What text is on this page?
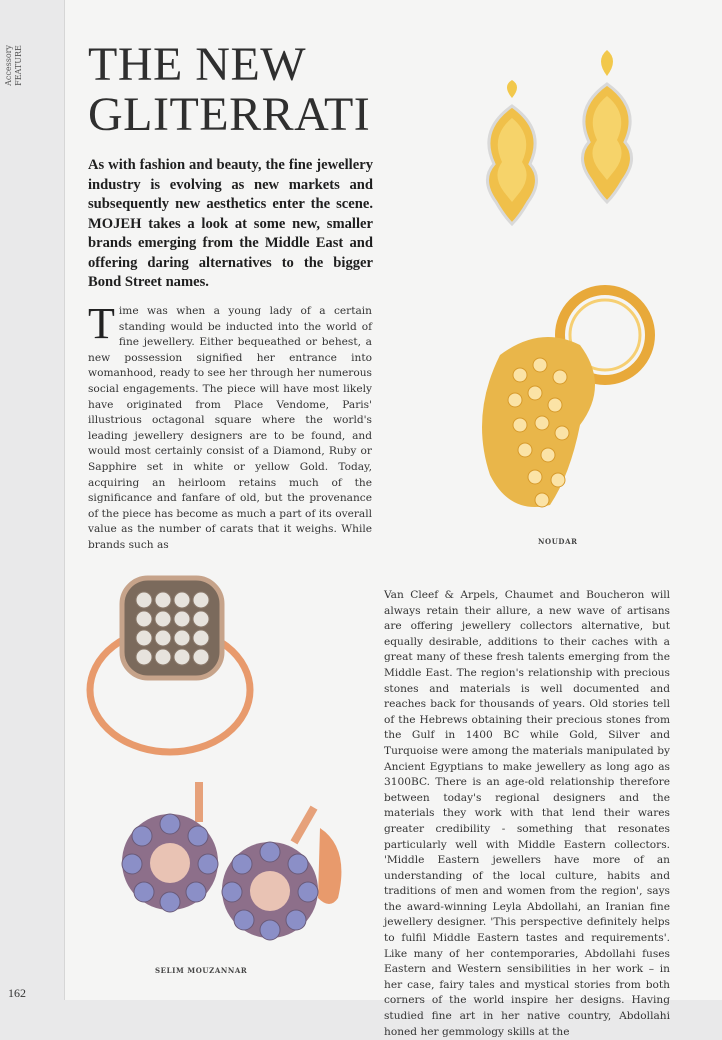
Accessory
FEATURE THE NEW
GLITERRATI

As with fashion and beauty, the fine jewellery industry is evolving as new markets and subsequently new aesthetics enter the scene. MOJEH takes a look at some new, smaller brands emerging from the Middle East and offering daring alternatives to the bigger Bond Street names.

Time was when a young lady of a certain standing would be inducted into the world of fine jewellery. Either bequeathed or behest, a new possession signified her entrance into womanhood, ready to see her through her numerous social engagements. The piece will have most likely have originated from Place Vendome, Paris' illustrious octagonal square where the world's leading jewellery designers are to be found, and would most certainly consist of a Diamond, Ruby or Sapphire set in white or yellow Gold. Today, acquiring an heirloom retains much of the significance and fanfare of old, but the provenance of the piece has become as much a part of its overall value as the number of carats that it weighs. While brands such as
Van Cleef & Arpels, Chaumet and Boucheron will always retain their allure, a new wave of artisans are offering jewellery collectors alternative, but equally desirable, additions to their caches with a great many of these fresh talents emerging from the Middle East. The region's relationship with precious stones and materials is well documented and reaches back for thousands of years. Old stories tell of the Hebrews obtaining their precious stones from the Gulf in 1400 BC while Gold, Silver and Turquoise were among the materials manipulated by Ancient Egyptians to make jewellery as long ago as 3100BC. There is an age-old relationship therefore between today's regional designers and the materials they work with that lend their wares greater credibility - something that resonates particularly well with Middle Eastern collectors. 'Middle Eastern jewellers have more of an understanding of the local culture, habits and traditions of men and women from the region', says the award-winning Leyla Abdollahi, an Iranian fine jewellery designer. 'This perspective definitely helps to fulfil Middle Eastern tastes and requirements'. Like many of her contemporaries, Abdollahi fuses Eastern and Western sensibilities in her work – in her case, fairy tales and mystical stories from both corners of the world inspire her designs. Having studied fine art in her native country, Abdollahi honed her gemmology skills at the

NOUDAR

SELIM MOUZANNAR

162
